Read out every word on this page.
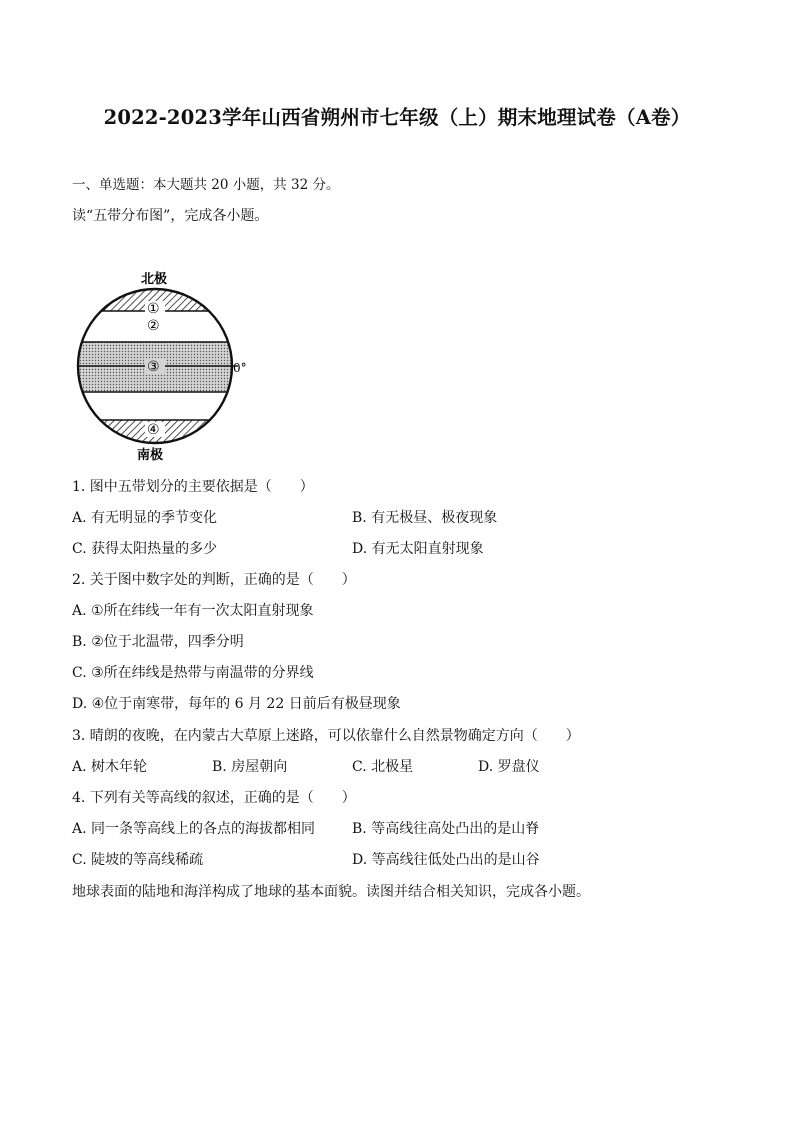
2022-2023学年山西省朔州市七年级（上）期末地理试卷（A卷）
一、单选题：本大题共 20 小题，共 32 分。
读“五带分布图”，完成各小题。
北极
①
②
③
④
0°
南极
1. 图中五带划分的主要依据是（　　）
A. 有无明显的季节变化	B. 有无极昼、极夜现象
C. 获得太阳热量的多少	D. 有无太阳直射现象
2. 关于图中数字处的判断，正确的是（　　）
A. ①所在纬线一年有一次太阳直射现象
B. ②位于北温带，四季分明
C. ③所在纬线是热带与南温带的分界线
D. ④位于南寒带，每年的 6 月 22 日前后有极昼现象
3. 晴朗的夜晚，在内蒙古大草原上迷路，可以依靠什么自然景物确定方向（　　）
A. 树木年轮	B. 房屋朝向	C. 北极星	D. 罗盘仪
4. 下列有关等高线的叙述，正确的是（　　）
A. 同一条等高线上的各点的海拔都相同	B. 等高线往高处凸出的是山脊
C. 陡坡的等高线稀疏	D. 等高线往低处凸出的是山谷
地球表面的陆地和海洋构成了地球的基本面貌。读图并结合相关知识，完成各小题。
